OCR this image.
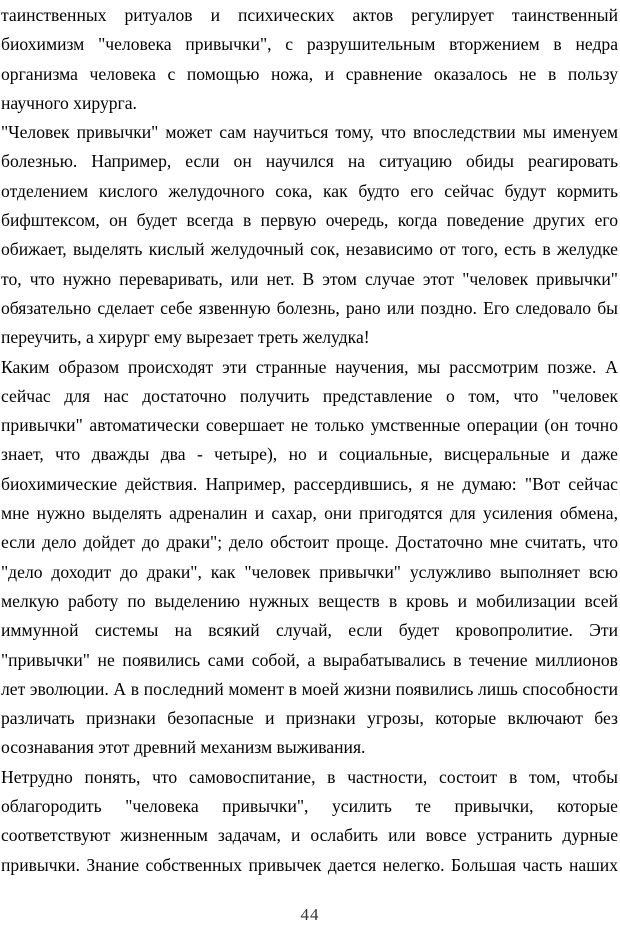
таинственных ритуалов и психических актов регулирует таинственный
биохимизм "человека привычки", с разрушительным вторжением в недра
организма человека с помощью ножа, и сравнение оказалось не в пользу
научного хирурга.
"Человек привычки" может сам научиться тому, что впоследствии мы именуем
болезнью. Например, если он научился на ситуацию обиды реагировать
отделением кислого желудочного сока, как будто его сейчас будут кормить
бифштексом, он будет всегда в первую очередь, когда поведение других его
обижает, выделять кислый желудочный сок, независимо от того, есть в желудке
то, что нужно переваривать, или нет. В этом случае этот "человек привычки"
обязательно сделает себе язвенную болезнь, рано или поздно. Его следовало бы
переучить, а хирург ему вырезает треть желудка!
Каким образом происходят эти странные научения, мы рассмотрим позже. А
сейчас для нас достаточно получить представление о том, что "человек
привычки" автоматически совершает не только умственные операции (он точно
знает, что дважды два - четыре), но и социальные, висцеральные и даже
биохимические действия. Например, рассердившись, я не думаю: "Вот сейчас
мне нужно выделять адреналин и сахар, они пригодятся для усиления обмена,
если дело дойдет до драки"; дело обстоит проще. Достаточно мне считать, что
"дело доходит до драки", как "человек привычки" услужливо выполняет всю
мелкую работу по выделению нужных веществ в кровь и мобилизации всей
иммунной системы на всякий случай, если будет кровопролитие. Эти
"привычки" не появились сами собой, а вырабатывались в течение миллионов
лет эволюции. А в последний момент в моей жизни появились лишь способности
различать признаки безопасные и признаки угрозы, которые включают без
осознавания этот древний механизм выживания.
Нетрудно понять, что самовоспитание, в частности, состоит в том, чтобы
облагородить "человека привычки", усилить те привычки, которые
соответствуют жизненным задачам, и ослабить или вовсе устранить дурные
привычки. Знание собственных привычек дается нелегко. Большая часть наших
44
